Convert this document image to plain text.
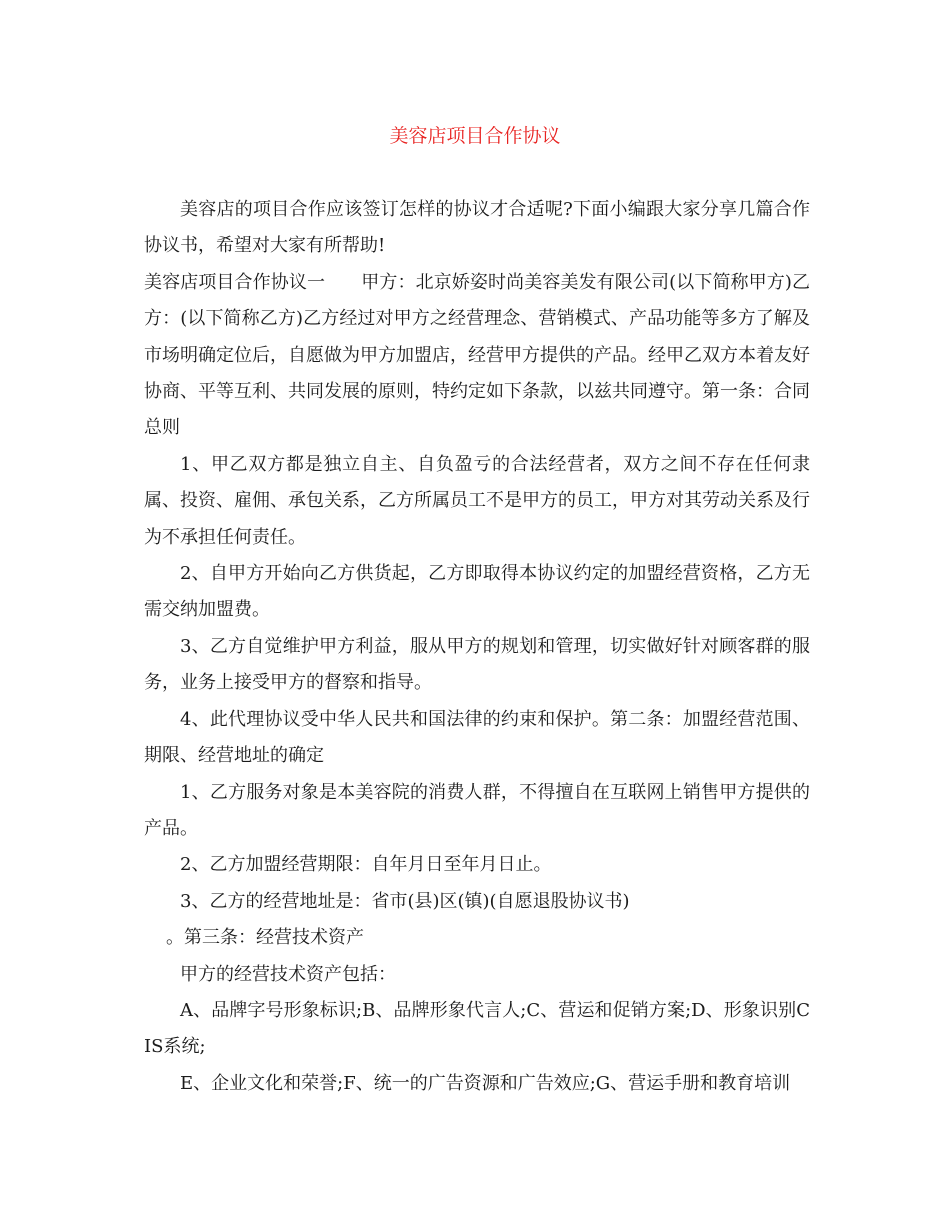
美容店项目合作协议

美容店的项目合作应该签订怎样的协议才合适呢?下面小编跟大家分享几篇合作协议书，希望对大家有所帮助!

美容店项目合作协议一　　甲方：北京娇姿时尚美容美发有限公司(以下简称甲方)乙方：(以下简称乙方)乙方经过对甲方之经营理念、营销模式、产品功能等多方了解及市场明确定位后，自愿做为甲方加盟店，经营甲方提供的产品。经甲乙双方本着友好协商、平等互利、共同发展的原则，特约定如下条款，以兹共同遵守。第一条：合同总则

1、甲乙双方都是独立自主、自负盈亏的合法经营者，双方之间不存在任何隶属、投资、雇佣、承包关系，乙方所属员工不是甲方的员工，甲方对其劳动关系及行为不承担任何责任。

2、自甲方开始向乙方供货起，乙方即取得本协议约定的加盟经营资格，乙方无需交纳加盟费。

3、乙方自觉维护甲方利益，服从甲方的规划和管理，切实做好针对顾客群的服务，业务上接受甲方的督察和指导。

4、此代理协议受中华人民共和国法律的约束和保护。第二条：加盟经营范围、期限、经营地址的确定

1、乙方服务对象是本美容院的消费人群，不得擅自在互联网上销售甲方提供的产品。

2、乙方加盟经营期限：自年月日至年月日止。

3、乙方的经营地址是：省市(县)区(镇)(自愿退股协议书)

。第三条：经营技术资产

甲方的经营技术资产包括：

A、品牌字号形象标识;B、品牌形象代言人;C、营运和促销方案;D、形象识别CIS系统;

E、企业文化和荣誉;F、统一的广告资源和广告效应;G、营运手册和教育培训
